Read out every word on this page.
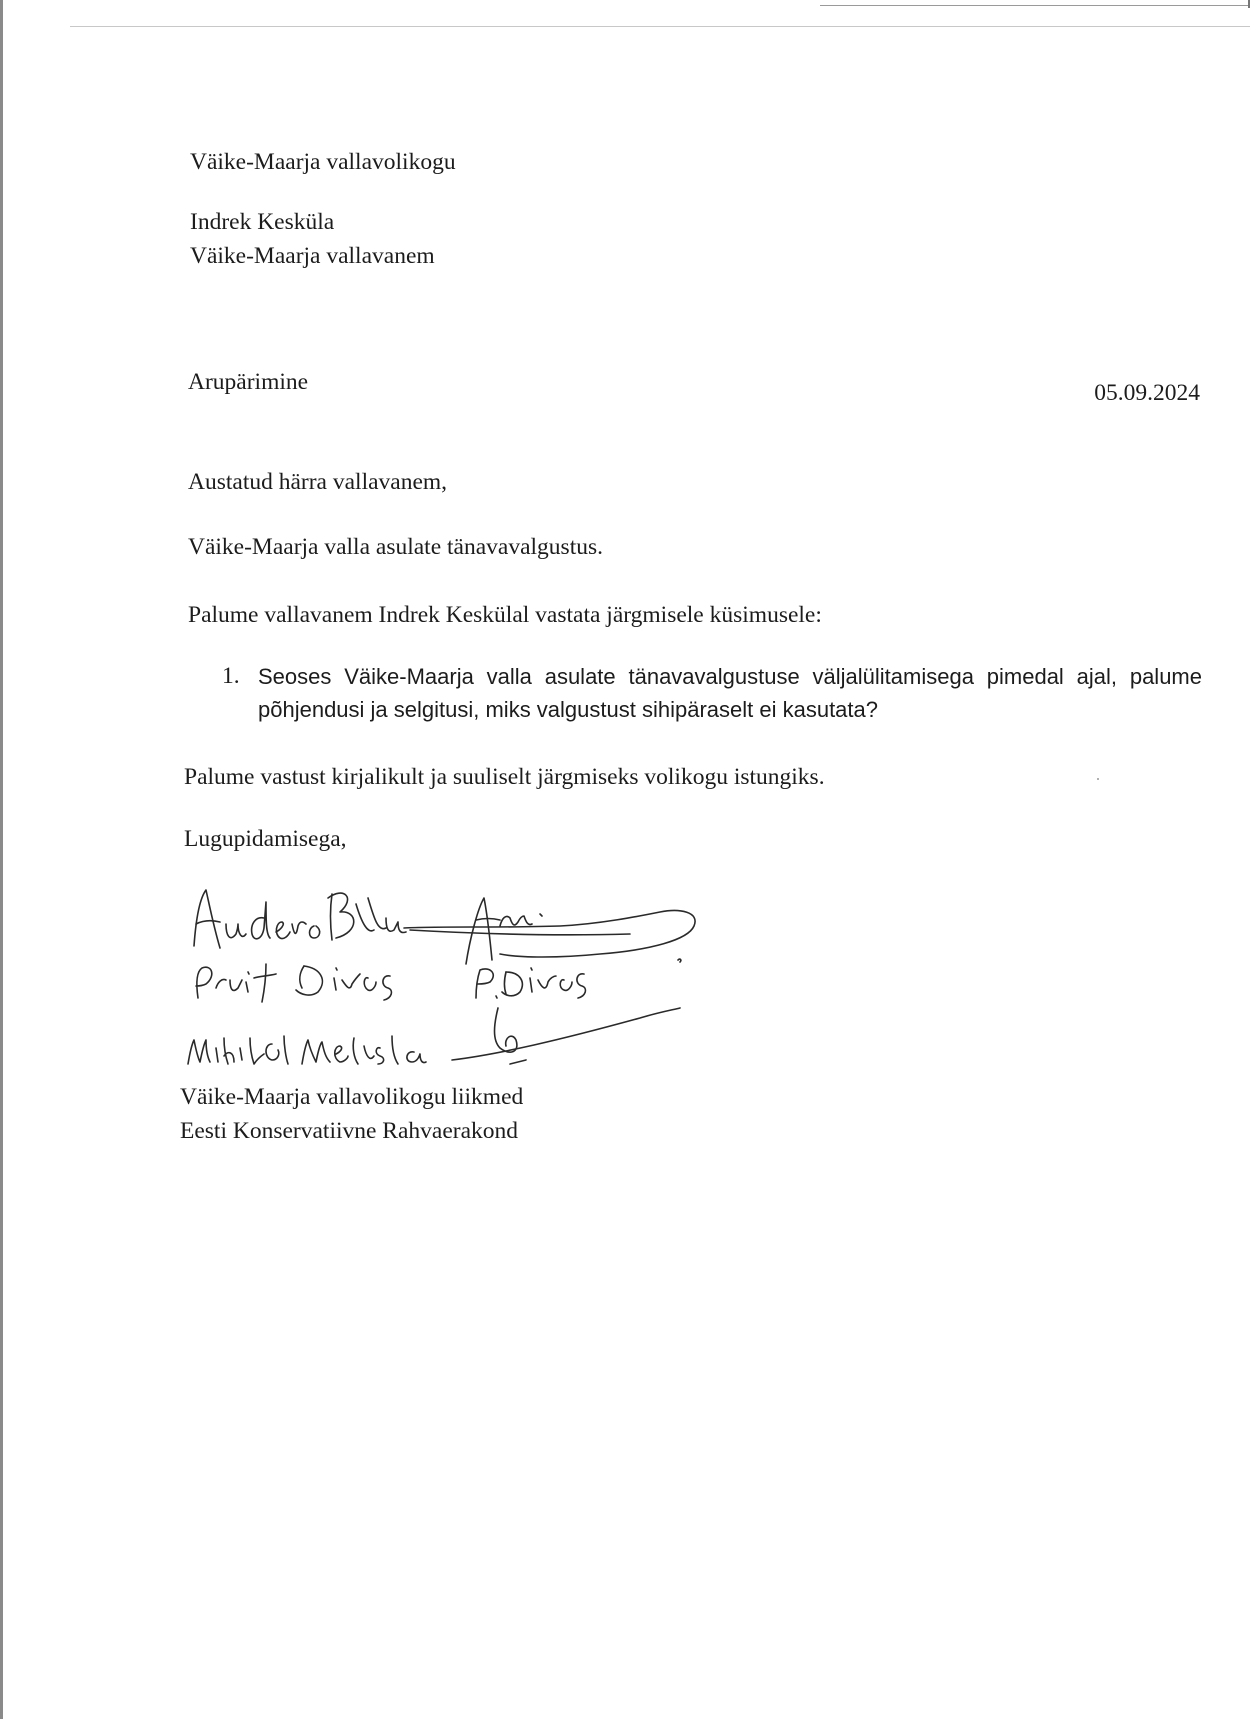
Väike-Maarja vallavolikogu

Indrek Kesküla

Väike-Maarja vallavanem

Arupärimine	05.09.2024

Austatud härra vallavanem,

Väike-Maarja valla asulate tänavavalgustus.

Palume vallavanem Indrek Keskülal vastata järgmisele küsimusele:

1. Seoses Väike-Maarja valla asulate tänavavalgustuse väljalülitamisega pimedal ajal, palume põhjendusi ja selgitusi, miks valgustust sihipäraselt ei kasutata?

Palume vastust kirjalikult ja suuliselt järgmiseks volikogu istungiks.

Lugupidamisega,

Väike-Maarja vallavolikogu liikmed

Eesti Konservatiivne Rahvaerakond
